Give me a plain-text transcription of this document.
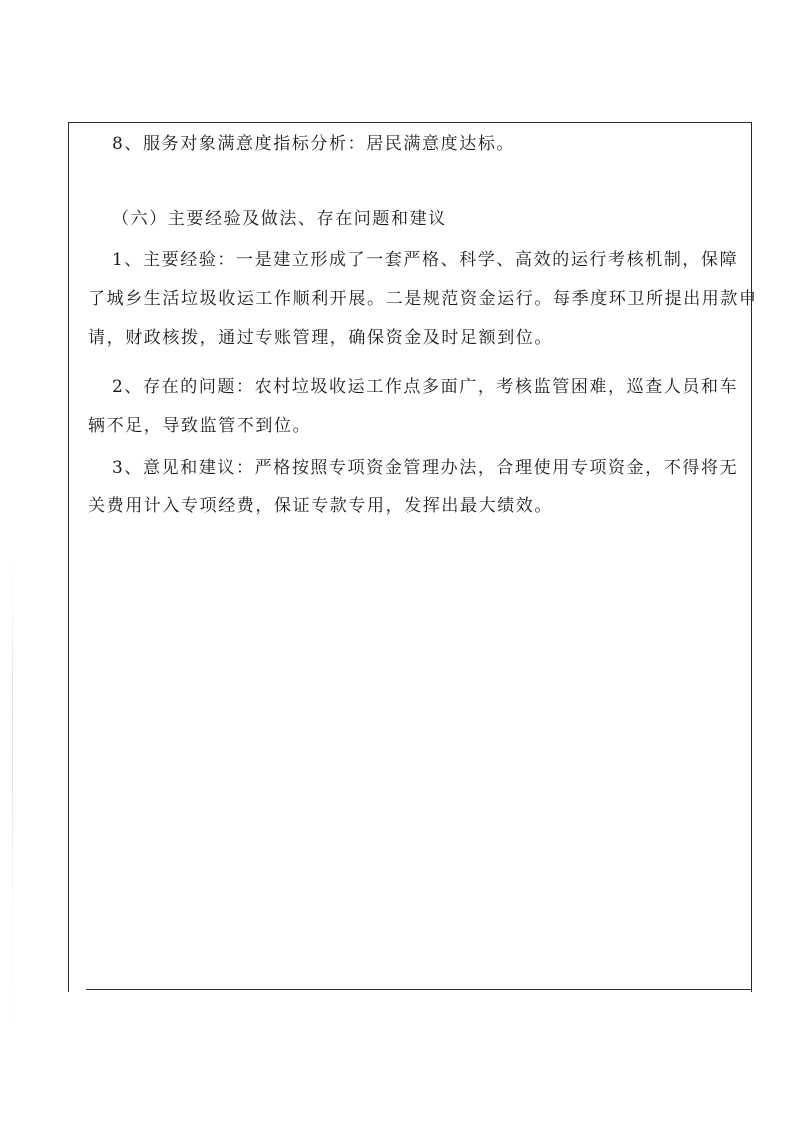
8、服务对象满意度指标分析：居民满意度达标。
（六）主要经验及做法、存在问题和建议
1、主要经验：一是建立形成了一套严格、科学、高效的运行考核机制，保障
了城乡生活垃圾收运工作顺利开展。二是规范资金运行。每季度环卫所提出用款申
请，财政核拨，通过专账管理，确保资金及时足额到位。
2、存在的问题：农村垃圾收运工作点多面广，考核监管困难，巡查人员和车
辆不足，导致监管不到位。
3、意见和建议：严格按照专项资金管理办法，合理使用专项资金，不得将无
关费用计入专项经费，保证专款专用，发挥出最大绩效。
